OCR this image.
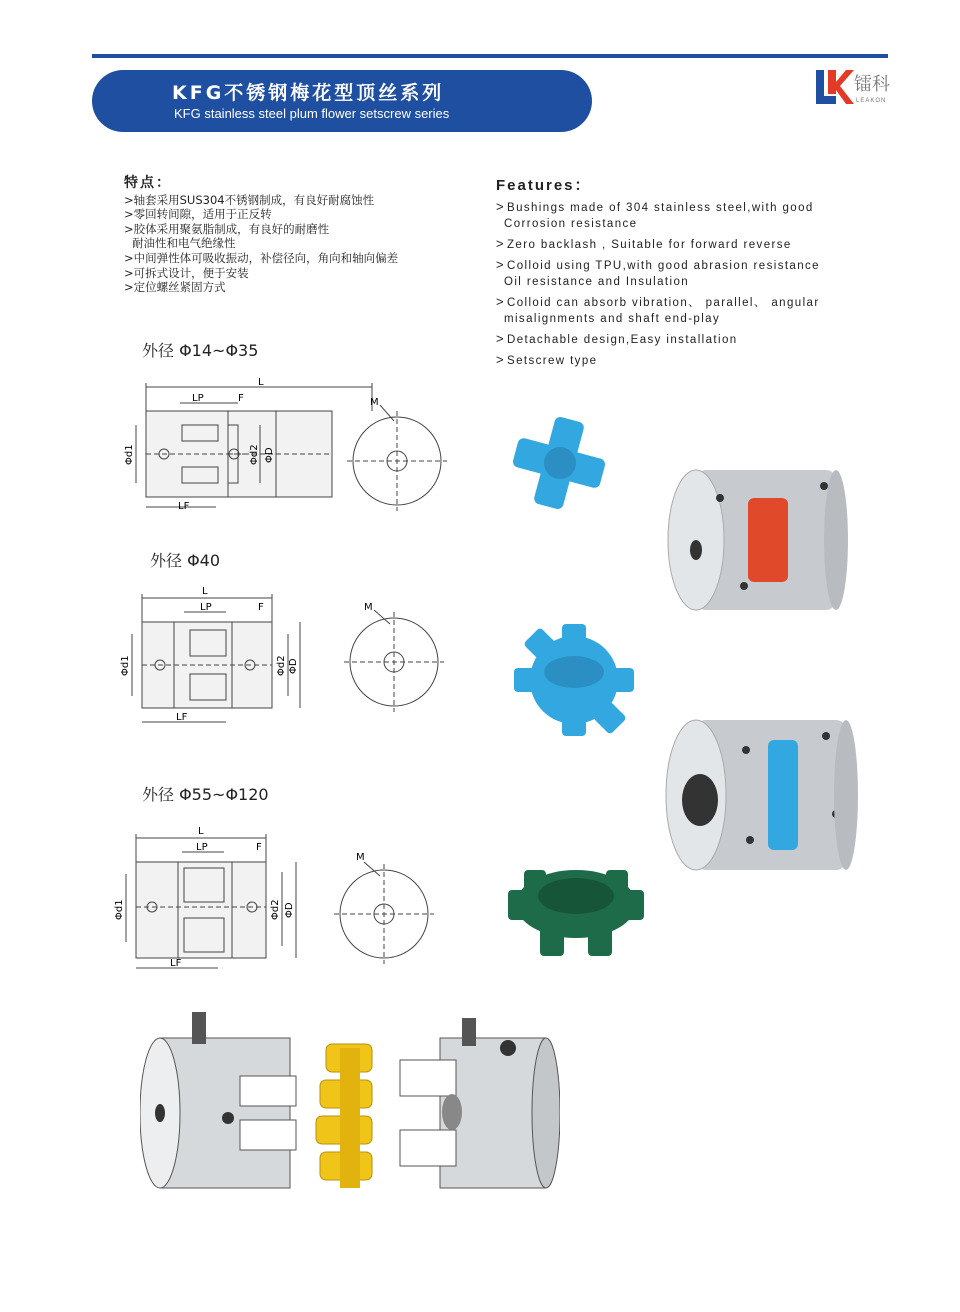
KFG不锈钢梅花型顶丝系列
KFG stainless steel plum flower setscrew series
镭科
LEAKON
特点：
>轴套采用SUS304不锈钢制成，有良好耐腐蚀性
>零回转间隙，适用于正反转
>胶体采用聚氨脂制成，有良好的耐磨性
耐油性和电气绝缘性
>中间弹性体可吸收振动，补偿径向，角向和轴向偏差
>可拆式设计，便于安装
>定位螺丝紧固方式
Features：
> Bushings made of 304 stainless steel,with good
Corrosion resistance
> Zero backlash , Suitable for forward reverse
> Colloid using TPU,with good abrasion resistance
Oil resistance and Insulation
> Colloid can absorb vibration、 parallel、 angular
misalignments and shaft end-play
> Detachable design,Easy installation
> Setscrew type
外径 Φ14~Φ35
外径 Φ40
外径 Φ55~Φ120
L
LP	F
LF
M
Φd1	Φd2 ΦD
L
LP	F
LF
M
Φd1	Φd2 ΦD
L
LP	F
LF
M
Φd1	Φd2 ΦD
